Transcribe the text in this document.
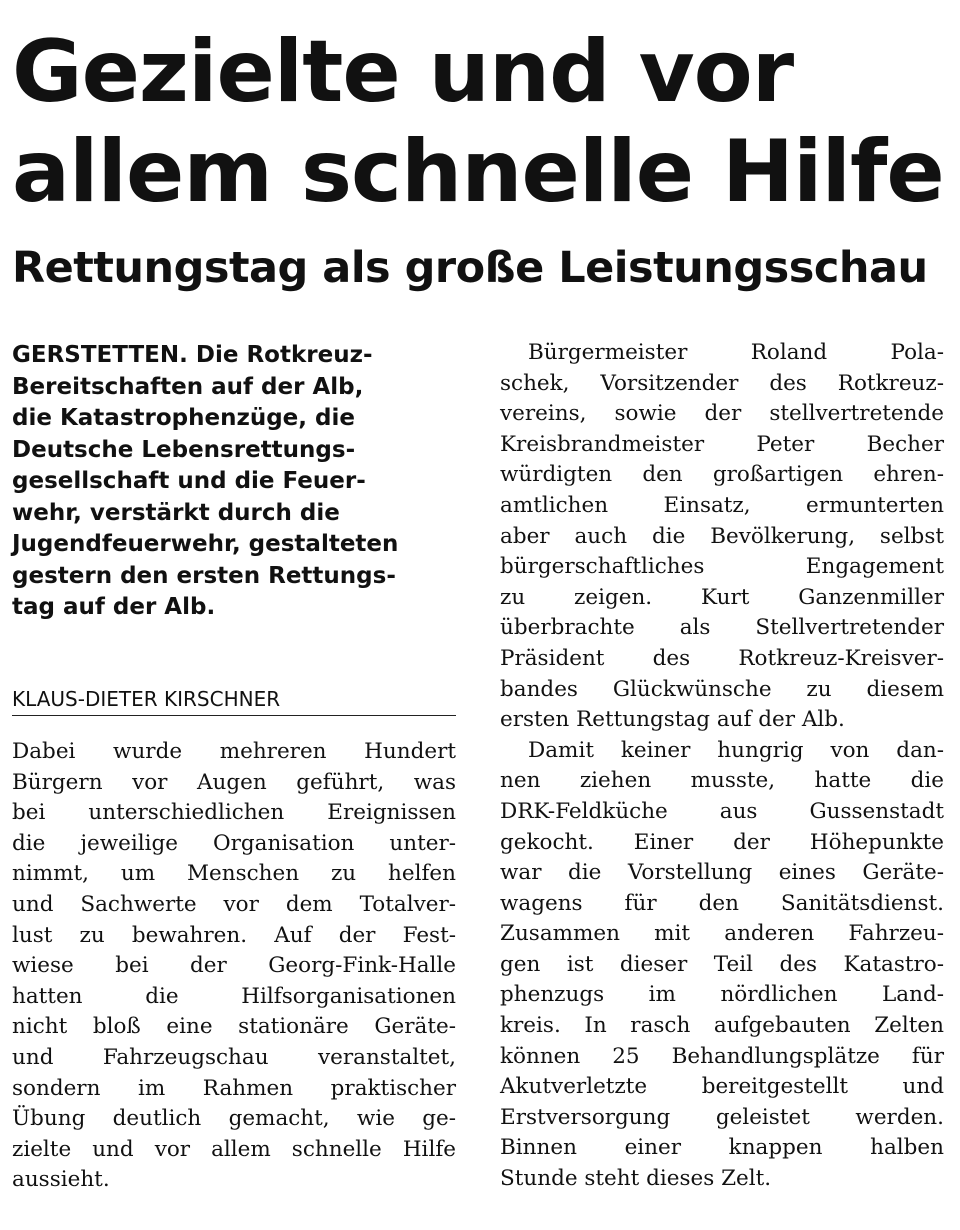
Gezielte und vor
allem schnelle Hilfe
Rettungstag als große Leistungsschau
GERSTETTEN. Die Rotkreuz-
Bereitschaften auf der Alb,
die Katastrophenzüge, die
Deutsche Lebensrettungs-
gesellschaft und die Feuer-
wehr, verstärkt durch die
Jugendfeuerwehr, gestalteten
gestern den ersten Rettungs-
tag auf der Alb.
KLAUS-DIETER KIRSCHNER
Dabei wurde mehreren Hundert
Bürgern vor Augen geführt, was
bei unterschiedlichen Ereignissen
die jeweilige Organisation unter-
nimmt, um Menschen zu helfen
und Sachwerte vor dem Totalver-
lust zu bewahren. Auf der Fest-
wiese bei der Georg-Fink-Halle
hatten die Hilfsorganisationen
nicht bloß eine stationäre Geräte-
und Fahrzeugschau veranstaltet,
sondern im Rahmen praktischer
Übung deutlich gemacht, wie ge-
zielte und vor allem schnelle Hilfe
aussieht.
Bürgermeister Roland Pola-
schek, Vorsitzender des Rotkreuz-
vereins, sowie der stellvertretende
Kreisbrandmeister Peter Becher
würdigten den großartigen ehren-
amtlichen Einsatz, ermunterten
aber auch die Bevölkerung, selbst
bürgerschaftliches Engagement
zu zeigen. Kurt Ganzenmiller
überbrachte als Stellvertretender
Präsident des Rotkreuz-Kreisver-
bandes Glückwünsche zu diesem
ersten Rettungstag auf der Alb.
Damit keiner hungrig von dan-
nen ziehen musste, hatte die
DRK-Feldküche aus Gussenstadt
gekocht. Einer der Höhepunkte
war die Vorstellung eines Geräte-
wagens für den Sanitätsdienst.
Zusammen mit anderen Fahrzeu-
gen ist dieser Teil des Katastro-
phenzugs im nördlichen Land-
kreis. In rasch aufgebauten Zelten
können 25 Behandlungsplätze für
Akutverletzte bereitgestellt und
Erstversorgung geleistet werden.
Binnen einer knappen halben
Stunde steht dieses Zelt.
